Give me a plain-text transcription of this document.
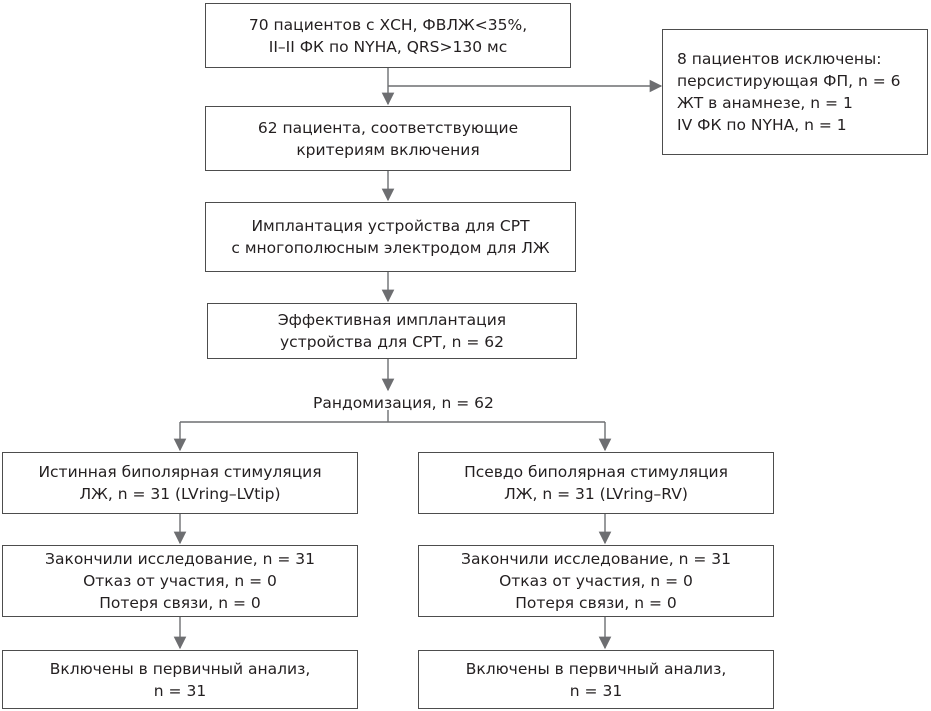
70 пациентов с ХСН, ФВЛЖ<35%,
II–II ФК по NYHA, QRS>130 мс
8 пациентов исключены:
персистирующая ФП, n = 6
ЖТ в анамнезе, n = 1
IV ФК по NYHA, n = 1
62 пациента, соответствующие
критериям включения
Имплантация устройства для СРТ
с многополюсным электродом для ЛЖ
Эффективная имплантация
устройства для СРТ, n = 62
Рандомизация, n = 62
Истинная биполярная стимуляция
ЛЖ, n = 31 (LVring–LVtip)
Закончили исследование, n = 31
Отказ от участия, n = 0
Потеря связи, n = 0
Включены в первичный анализ,
n = 31
Псевдо биполярная стимуляция
ЛЖ, n = 31 (LVring–RV)
Закончили исследование, n = 31
Отказ от участия, n = 0
Потеря связи, n = 0
Включены в первичный анализ,
n = 31
